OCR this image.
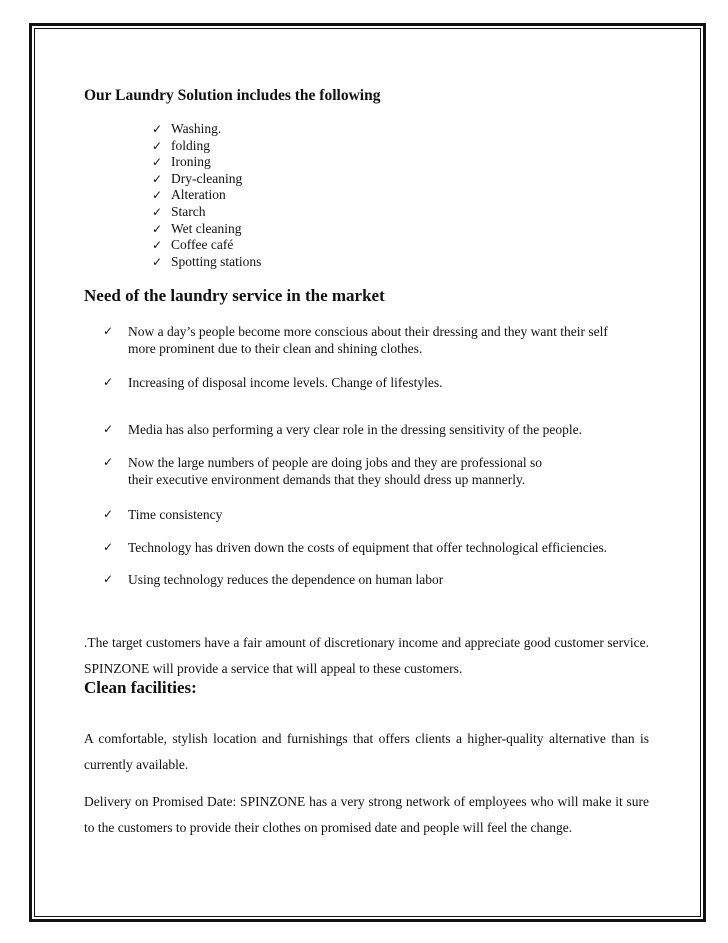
Our Laundry Solution includes the following
✓ Washing.
✓ folding
✓ Ironing
✓ Dry-cleaning
✓ Alteration
✓ Starch
✓ Wet cleaning
✓ Coffee café
✓ Spotting stations
Need of the laundry service in the market
✓	Now a day’s people become more conscious about their dressing and they want their self
more prominent due to their clean and shining clothes.
✓	Increasing of disposal income levels. Change of lifestyles.
✓	Media has also performing a very clear role in the dressing sensitivity of the people.
✓	Now the large numbers of people are doing jobs and they are professional so
their executive environment demands that they should dress up mannerly.
✓	Time consistency
✓	Technology has driven down the costs of equipment that offer technological efficiencies.
✓	Using technology reduces the dependence on human labor

.The target customers have a fair amount of discretionary income and appreciate good customer service. SPINZONE will provide a service that will appeal to these customers.

Clean facilities:

A comfortable, stylish location and furnishings that offers clients a higher-quality alternative than is currently available.

Delivery on Promised Date: SPINZONE has a very strong network of employees who will make it sure to the customers to provide their clothes on promised date and people will feel the change.
